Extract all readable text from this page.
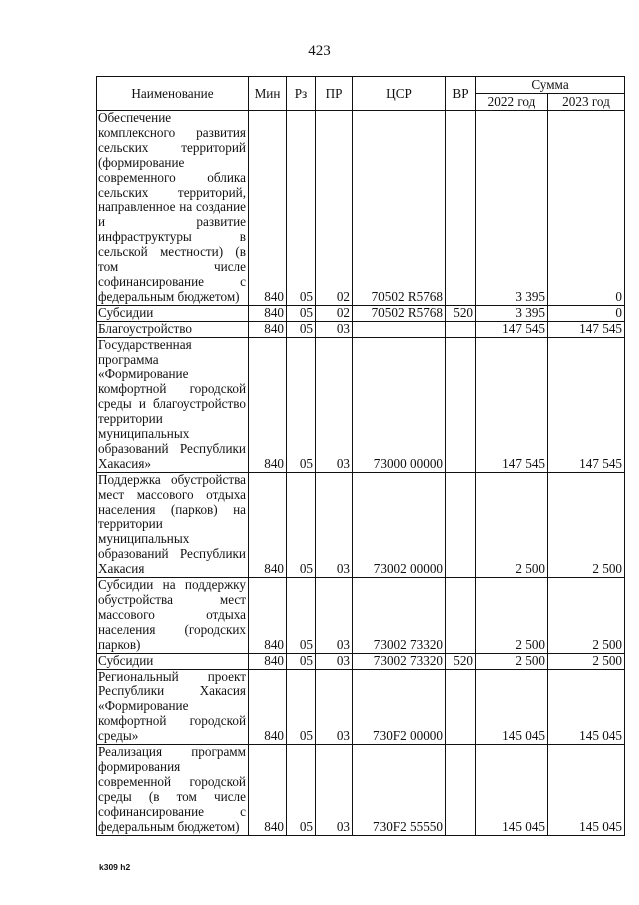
423
Наименование	Мин	Рз	ПР	ЦСР	ВР	Сумма	
						2022 год	2023 год
Обеспечение комплексного развития сельских территорий (формирование современного облика сельских территорий, направленное на создание и развитие инфраструктуры в сельской местности) (в том числе софинансирование с федеральным бюджетом)	840	05	02	70502 R5768		3 395	0
Субсидии	840	05	02	70502 R5768	520	3 395	0
Благоустройство	840	05	03			147 545	147 545
Государственная программа «Формирование комфортной городской среды и благоустройство территории муниципальных образований Республики Хакасия»	840	05	03	73000 00000		147 545	147 545
Поддержка обустройства мест массового отдыха населения (парков) на территории муниципальных образований Республики Хакасия	840	05	03	73002 00000		2 500	2 500
Субсидии на поддержку обустройства мест массового отдыха населения (городских парков)	840	05	03	73002 73320		2 500	2 500
Субсидии	840	05	03	73002 73320	520	2 500	2 500
Региональный проект Республики Хакасия «Формирование комфортной городской среды»	840	05	03	730F2 00000		145 045	145 045
Реализация программ формирования современной городской среды (в том числе софинансирование с федеральным бюджетом)	840	05	03	730F2 55550		145 045	145 045
k309 h2
